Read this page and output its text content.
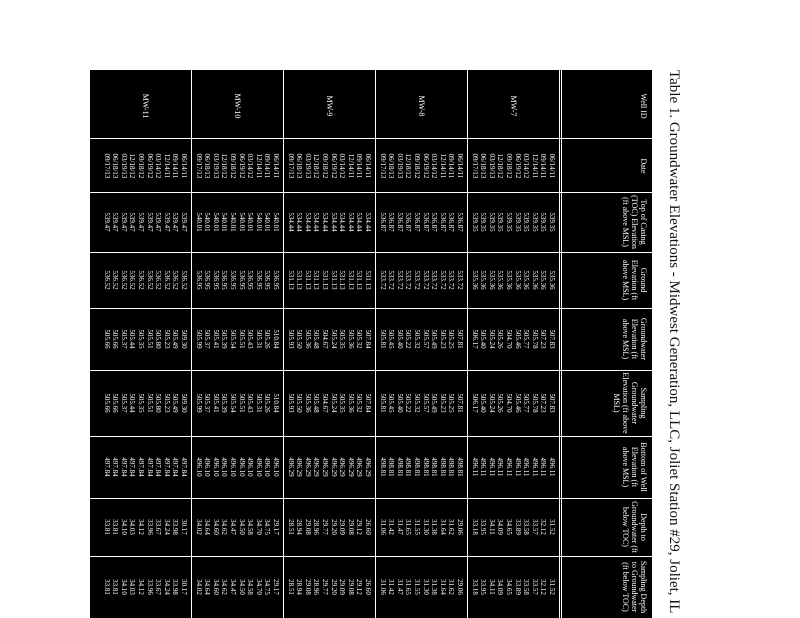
Table 1. Groundwater Elevations - Midwest Generation, LLC, Joliet Station #29, Joliet, IL
Well ID
Date
Top of Casing (TOC) Elevation (ft above MSL)
Ground Elevation (ft above MSL)
Groundwater Elevation (ft above MSL)
Sampling Groundwater Elevation (ft above MSL)
Bottom of Well Elevation (ft above MSL)
Depth to Groundwater (ft below TOC)
Sampling Depth to Groundwater (ft below TOC)
MW-7
06/14/11
539.35
535.36
507.83
507.83
496.11
31.52
31.52
09/14/11
539.35
535.36
507.23
507.23
496.11
32.12
32.12
12/14/11
539.35
535.36
505.78
505.78
496.11
33.57
33.57
03/14/12
539.35
535.36
505.77
505.77
496.11
33.58
33.58
06/19/12
539.35
535.36
505.46
505.46
496.11
33.89
33.89
09/18/12
539.35
535.36
504.70
504.70
496.11
34.65
34.65
12/18/12
539.35
535.36
505.26
505.26
496.11
34.09
34.09
03/19/13
539.35
535.36
505.24
505.24
496.11
34.11
34.11
06/18/13
539.35
535.36
505.40
505.40
496.11
33.95
33.95
09/17/13
539.35
535.36
506.17
506.17
496.11
33.18
33.18
MW-8
06/14/11
536.87
533.72
507.81
507.81
498.81
29.06
29.06
09/14/11
536.87
533.72
505.25
505.25
498.81
31.62
31.62
12/14/11
536.87
533.72
505.23
505.23
498.81
31.64
31.64
03/14/12
536.87
533.72
505.49
505.49
498.81
31.38
31.38
06/19/12
536.87
533.72
505.57
505.57
498.81
31.30
31.30
09/18/12
536.87
533.72
505.32
505.32
498.81
31.55
31.55
12/18/12
536.87
533.72
505.22
505.22
498.81
31.65
31.65
03/19/13
536.87
533.72
505.40
505.40
498.81
31.47
31.47
06/18/13
536.87
533.72
505.45
505.45
498.81
31.42
31.42
09/17/13
536.87
533.72
505.81
505.81
498.81
31.06
31.06
MW-9
06/14/11
534.44
531.13
507.84
507.84
496.29
26.60
26.60
09/14/11
534.44
531.13
505.32
505.32
496.29
29.12
29.12
12/14/11
534.44
531.13
505.36
505.36
496.29
29.08
29.08
03/14/12
534.44
531.13
505.35
505.35
496.29
29.09
29.09
06/19/12
534.44
531.13
505.24
505.24
496.29
29.20
29.20
09/18/12
534.44
531.13
504.67
504.67
496.29
29.77
29.77
12/18/12
534.44
531.13
505.48
505.48
496.29
28.96
28.96
03/19/13
534.44
531.13
505.36
505.36
496.29
29.08
29.08
06/18/13
534.44
531.13
505.50
505.50
496.29
28.94
28.94
09/17/13
534.44
531.13
505.93
505.93
496.29
28.51
28.51
MW-10
06/14/11
540.01
536.95
510.84
510.84
496.10
29.17
29.17
09/14/11
540.01
536.95
505.26
505.26
496.10
34.75
34.75
12/14/11
540.01
536.95
505.31
505.31
496.10
34.70
34.70
03/14/12
540.01
536.95
505.43
505.43
496.10
34.58
34.58
06/19/12
540.01
536.95
505.51
505.51
496.10
34.50
34.50
09/18/12
540.01
536.95
505.54
505.54
496.10
34.47
34.47
12/18/12
540.01
536.95
505.39
505.39
496.10
34.62
34.62
03/19/13
540.01
536.95
505.41
505.41
496.10
34.60
34.60
06/18/13
540.01
536.95
505.37
505.37
496.10
34.64
34.64
09/17/13
540.01
536.95
505.99
505.99
496.10
34.02
34.02
MW-11
06/14/11
539.47
536.52
509.30
509.30
497.84
30.17
30.17
09/14/11
539.47
536.52
505.49
505.49
497.84
33.98
33.98
12/14/11
539.47
536.52
505.23
505.23
497.84
34.24
34.24
03/14/12
539.47
536.52
505.80
505.80
497.84
33.67
33.67
06/19/12
539.47
536.52
505.51
505.51
497.84
33.96
33.96
09/18/12
539.47
536.52
505.35
505.35
497.84
34.12
34.12
12/18/12
539.47
536.52
505.44
505.44
497.84
34.03
34.03
03/19/13
539.47
536.52
505.37
505.37
497.84
34.10
34.10
06/18/13
539.47
536.52
505.66
505.66
497.84
33.81
33.81
09/17/13
539.47
536.52
505.66
505.66
497.84
33.81
33.81
